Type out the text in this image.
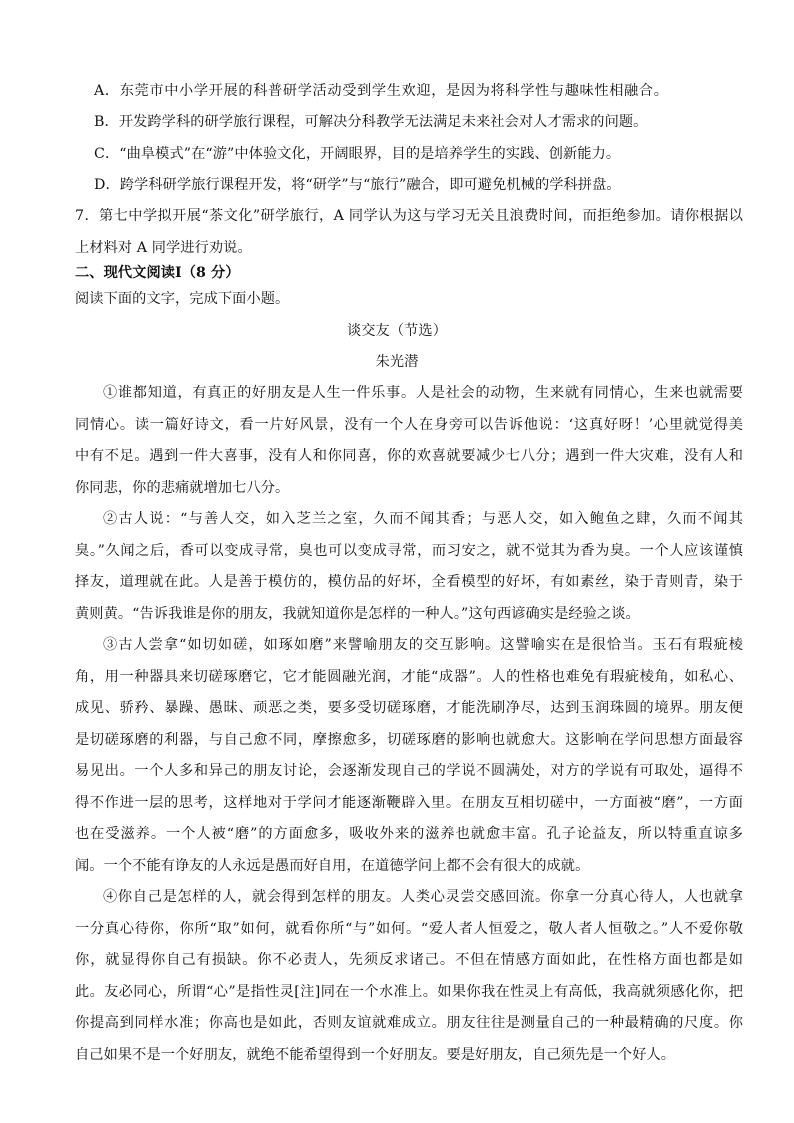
A．东莞市中小学开展的科普研学活动受到学生欢迎，是因为将科学性与趣味性相融合。
B．开发跨学科的研学旅行课程，可解决分科教学无法满足未来社会对人才需求的问题。
C．“曲阜模式”在“游”中体验文化，开阔眼界，目的是培养学生的实践、创新能力。
D．跨学科研学旅行课程开发，将“研学”与“旅行”融合，即可避免机械的学科拼盘。
7．第七中学拟开展“茶文化”研学旅行，A 同学认为这与学习无关且浪费时间，而拒绝参加。请你根据以
上材料对 A 同学进行劝说。
二、现代文阅读Ⅰ（8 分）
阅读下面的文字，完成下面小题。
谈交友（节选）
朱光潜
①谁都知道，有真正的好朋友是人生一件乐事。人是社会的动物，生来就有同情心，生来也就需要
同情心。读一篇好诗文，看一片好风景，没有一个人在身旁可以告诉他说：‘这真好呀！’心里就觉得美
中有不足。遇到一件大喜事，没有人和你同喜，你的欢喜就要减少七八分；遇到一件大灾难，没有人和
你同悲，你的悲痛就增加七八分。
②古人说：“与善人交，如入芝兰之室，久而不闻其香；与恶人交，如入鲍鱼之肆，久而不闻其
臭。”久闻之后，香可以变成寻常，臭也可以变成寻常，而习安之，就不觉其为香为臭。一个人应该谨慎
择友，道理就在此。人是善于模仿的，模仿品的好坏，全看模型的好坏，有如素丝，染于青则青，染于
黄则黄。“告诉我谁是你的朋友，我就知道你是怎样的一种人。”这句西谚确实是经验之谈。
③古人尝拿“如切如磋，如琢如磨”来譬喻朋友的交互影响。这譬喻实在是很恰当。玉石有瑕疵棱
角，用一种器具来切磋琢磨它，它才能圆融光润，才能“成器”。人的性格也难免有瑕疵棱角，如私心、
成见、骄矜、暴躁、愚昧、顽恶之类，要多受切磋琢磨，才能洗刷净尽，达到玉润珠圆的境界。朋友便
是切磋琢磨的利器，与自己愈不同，摩擦愈多，切磋琢磨的影响也就愈大。这影响在学问思想方面最容
易见出。一个人多和异己的朋友讨论，会逐渐发现自己的学说不圆满处，对方的学说有可取处，逼得不
得不作进一层的思考，这样地对于学问才能逐渐鞭辟入里。在朋友互相切磋中，一方面被“磨”，一方面
也在受滋养。一个人被“磨”的方面愈多，吸收外来的滋养也就愈丰富。孔子论益友，所以特重直谅多
闻。一个不能有诤友的人永远是愚而好自用，在道德学问上都不会有很大的成就。
④你自己是怎样的人，就会得到怎样的朋友。人类心灵尝交感回流。你拿一分真心待人，人也就拿
一分真心待你，你所“取”如何，就看你所“与”如何。“爱人者人恒爱之，敬人者人恒敬之。”人不爱你敬
你，就显得你自己有损缺。你不必责人，先须反求诸己。不但在情感方面如此，在性格方面也都是如
此。友必同心，所谓“心”是指性灵[注]同在一个水准上。如果你我在性灵上有高低，我高就须感化你，把
你提高到同样水准；你高也是如此，否则友谊就难成立。朋友往往是测量自己的一种最精确的尺度。你
自己如果不是一个好朋友，就绝不能希望得到一个好朋友。要是好朋友，自己须先是一个好人。
